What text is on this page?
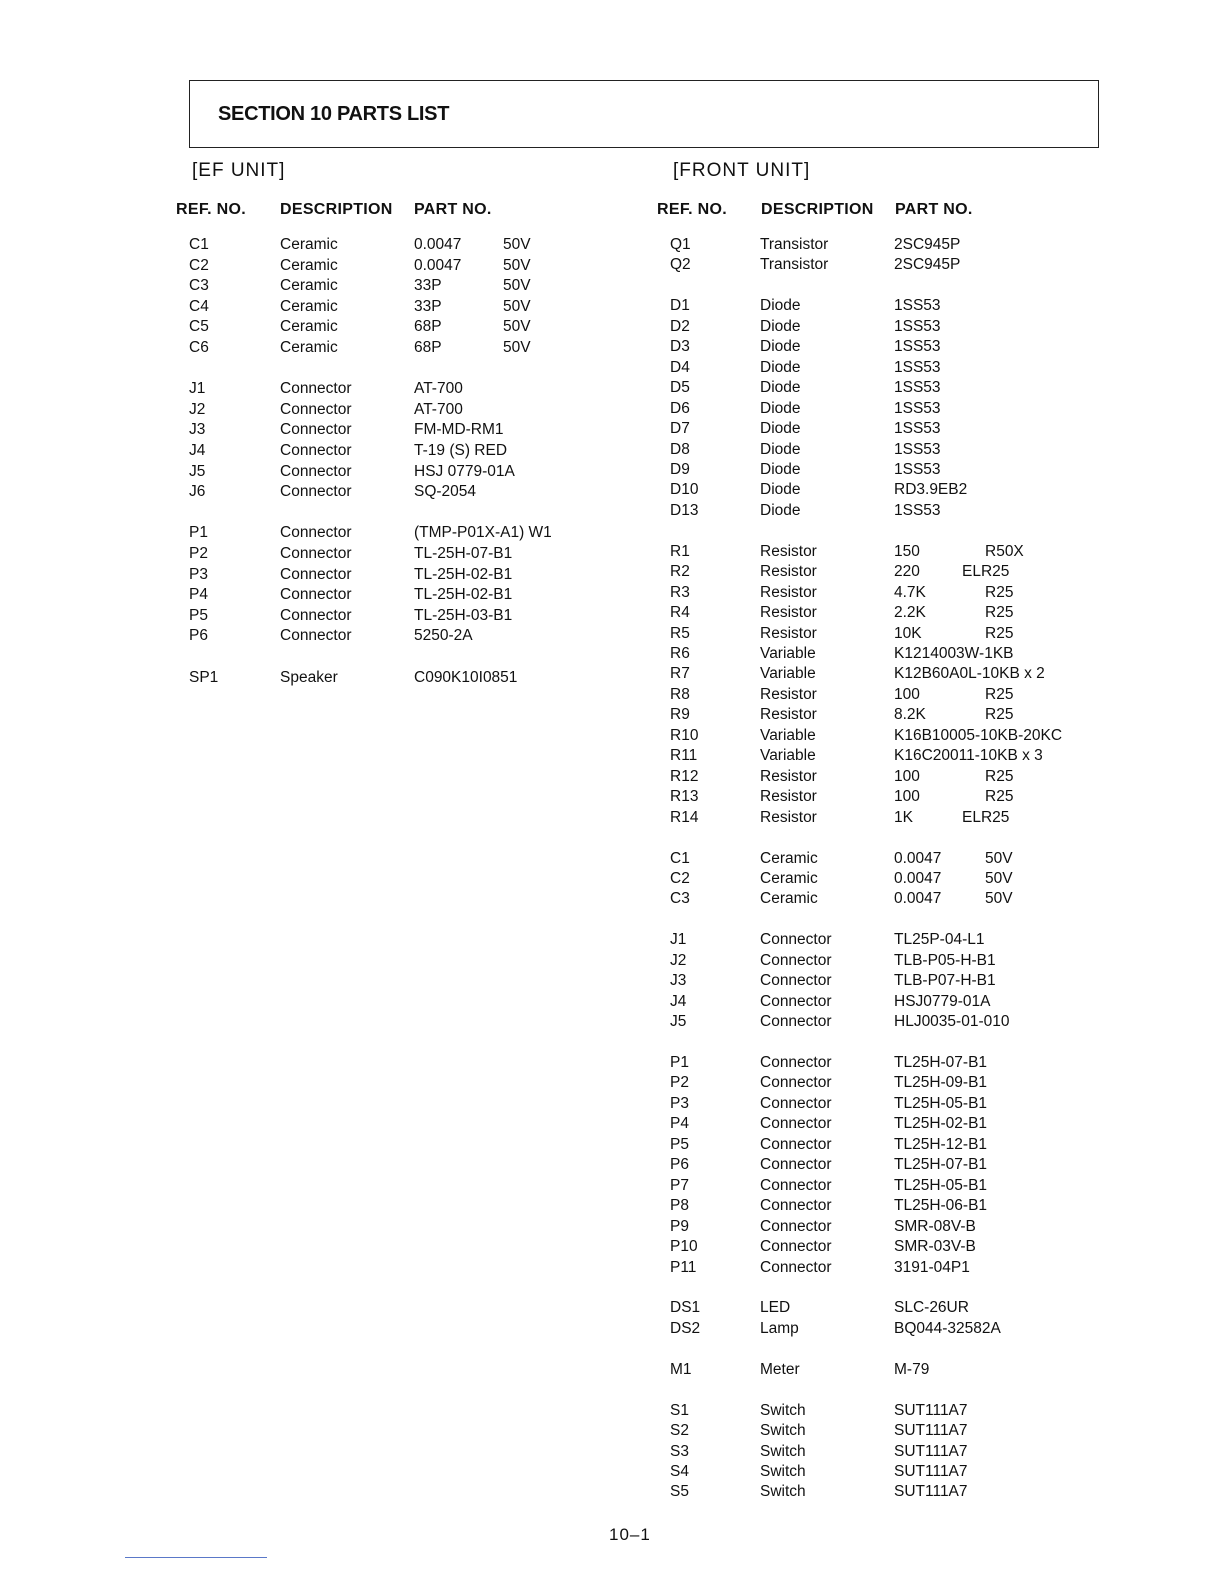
SECTION 10 PARTS LIST
[EF UNIT]	[FRONT UNIT]
REF. NO. DESCRIPTION PART NO.	REF. NO. DESCRIPTION PART NO.
C1	Ceramic	0.0047	50V
C2	Ceramic	0.0047	50V
C3	Ceramic	33P	50V
C4	Ceramic	33P	50V
C5	Ceramic	68P	50V
C6	Ceramic	68P	50V
J1	Connector	AT-700
J2	Connector	AT-700
J3	Connector	FM-MD-RM1
J4	Connector	T-19 (S) RED
J5	Connector	HSJ 0779-01A
J6	Connector	SQ-2054
P1	Connector	(TMP-P01X-A1) W1
P2	Connector	TL-25H-07-B1
P3	Connector	TL-25H-02-B1
P4	Connector	TL-25H-02-B1
P5	Connector	TL-25H-03-B1
P6	Connector	5250-2A
SP1	Speaker	C090K10I0851
Q1	Transistor	2SC945P
Q2	Transistor	2SC945P
D1	Diode	1SS53
D2	Diode	1SS53
D3	Diode	1SS53
D4	Diode	1SS53
D5	Diode	1SS53
D6	Diode	1SS53
D7	Diode	1SS53
D8	Diode	1SS53
D9	Diode	1SS53
D10	Diode	RD3.9EB2
D13	Diode	1SS53
R1	Resistor	150	R50X
R2	Resistor	220	ELR25
R3	Resistor	4.7K	R25
R4	Resistor	2.2K	R25
R5	Resistor	10K	R25
R6	Variable	K1214003W-1KB
R7	Variable	K12B60A0L-10KB x 2
R8	Resistor	100	R25
R9	Resistor	8.2K	R25
R10	Variable	K16B10005-10KB-20KC
R11	Variable	K16C20011-10KB x 3
R12	Resistor	100	R25
R13	Resistor	100	R25
R14	Resistor	1K	ELR25
C1	Ceramic	0.0047	50V
C2	Ceramic	0.0047	50V
C3	Ceramic	0.0047	50V
J1	Connector	TL25P-04-L1
J2	Connector	TLB-P05-H-B1
J3	Connector	TLB-P07-H-B1
J4	Connector	HSJ0779-01A
J5	Connector	HLJ0035-01-010
P1	Connector	TL25H-07-B1
P2	Connector	TL25H-09-B1
P3	Connector	TL25H-05-B1
P4	Connector	TL25H-02-B1
P5	Connector	TL25H-12-B1
P6	Connector	TL25H-07-B1
P7	Connector	TL25H-05-B1
P8	Connector	TL25H-06-B1
P9	Connector	SMR-08V-B
P10	Connector	SMR-03V-B
P11	Connector	3191-04P1
DS1	LED	SLC-26UR
DS2	Lamp	BQ044-32582A
M1	Meter	M-79
S1	Switch	SUT111A7
S2	Switch	SUT111A7
S3	Switch	SUT111A7
S4	Switch	SUT111A7
S5	Switch	SUT111A7
10–1
